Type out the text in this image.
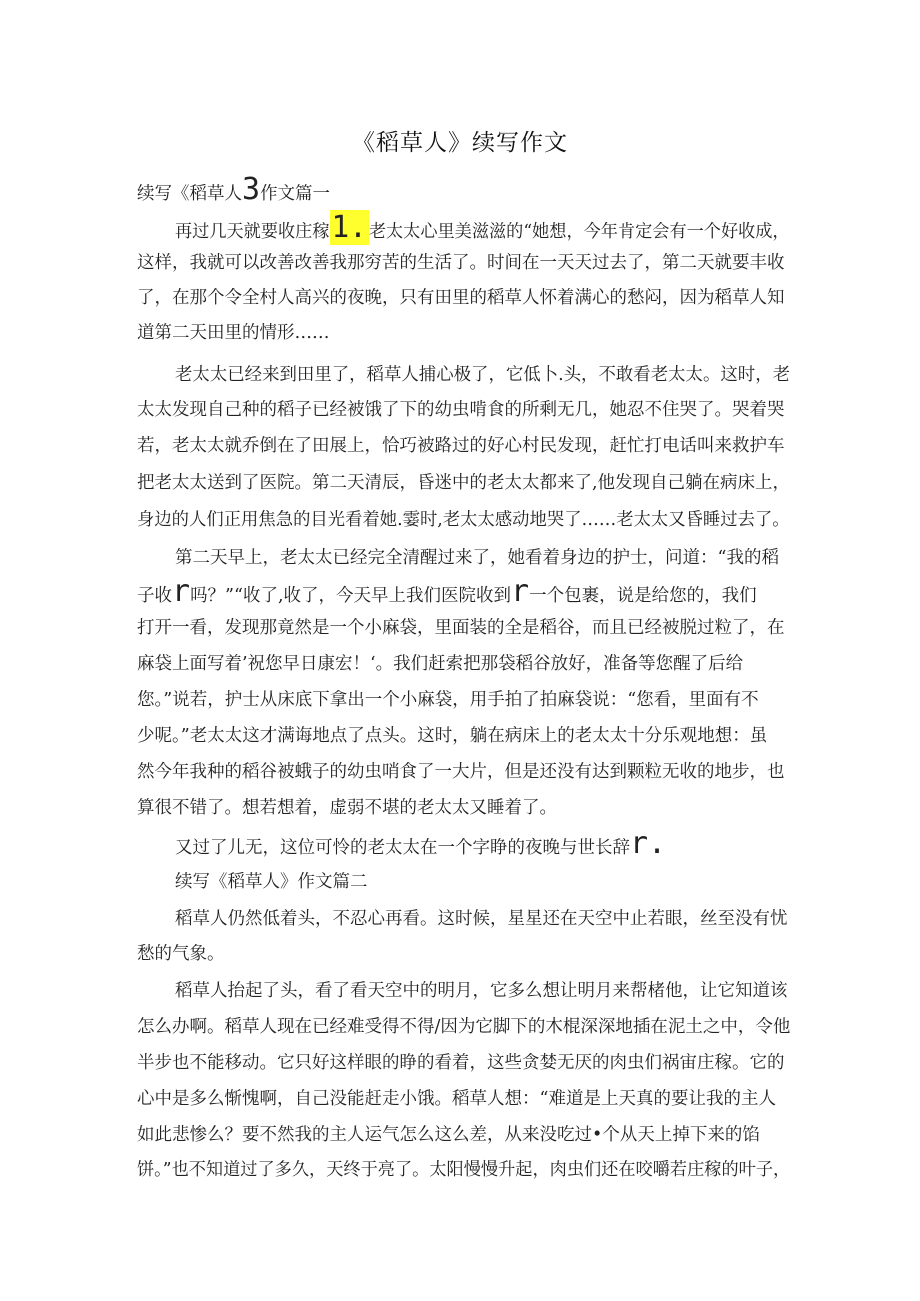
《稻草人》续写作文
续写《稻草人3作文篇一
再过几天就要收庄稼1. 老太太心里美滋滋的“她想，今年肯定会有一个好收成，
这样，我就可以改善改善我那穷苦的生活了。时间在一天天过去了，第二天就要丰收
了，在那个令全村人高兴的夜晚，只有田里的稻草人怀着满心的愁闷，因为稻草人知
道第二天田里的情形……
老太太已经来到田里了，稻草人捕心极了，它低卜.头，不敢看老太太。这时，老
太太发现自己种的稻子已经被饿了下的幼虫啃食的所剩无几，她忍不住哭了。哭着哭
若，老太太就乔倒在了田展上，恰巧被路过的好心村民发现，赶忙打电话叫来救护车
把老太太送到了医院。第二天清辰，昏迷中的老太太都来了,他发现自己躺在病床上，
身边的人们正用焦急的目光看着她.霎时,老太太感动地哭了……老太太又昏睡过去了。
第二天早上，老太太已经完全清醒过来了，她看着身边的护士，问道：“我的稻
子收r吗？”“收了,收了，今天早上我们医院收到r一个包裹，说是给您的，我们
打开一看，发现那竟然是一个小麻袋，里面装的全是稻谷，而且已经被脱过粒了，在
麻袋上面写着’祝您早日康宏！‘。我们赶索把那袋稻谷放好，准备等您醒了后给
您。”说若，护士从床底下拿出一个小麻袋，用手拍了拍麻袋说：“您看，里面有不
少呢。”老太太这才满诲地点了点头。这时，躺在病床上的老太太十分乐观地想：虽
然今年我种的稻谷被蛾子的幼虫哨食了一大片，但是还没有达到颗粒无收的地步，也
算很不错了。想若想着，虚弱不堪的老太太又睡着了。
又过了儿无，这位可怜的老太太在一个字睁的夜晚与世长辞r.
续写《稻草人》作文篇二
稻草人仍然低着头，不忍心再看。这时候，星星还在天空中止若眼，丝至没有忧
愁的气象。
稻草人抬起了头，看了看天空中的明月，它多么想让明月来帮楮他，让它知道该
怎么办啊。稻草人现在已经难受得不得/因为它脚下的木棍深深地插在泥土之中，令他
半步也不能移动。它只好这样眼的睁的看着，这些贪婪无厌的肉虫们祸宙庄稼。它的
心中是多么惭愧啊，自己没能赶走小饿。稻草人想：“难道是上天真的要让我的主人
如此悲惨么？要不然我的主人运气怎么这么差，从来没吃过•个从天上掉下来的馅
饼。”也不知道过了多久，天终于亮了。太阳慢慢升起，肉虫们还在咬嚼若庄稼的叶子，
